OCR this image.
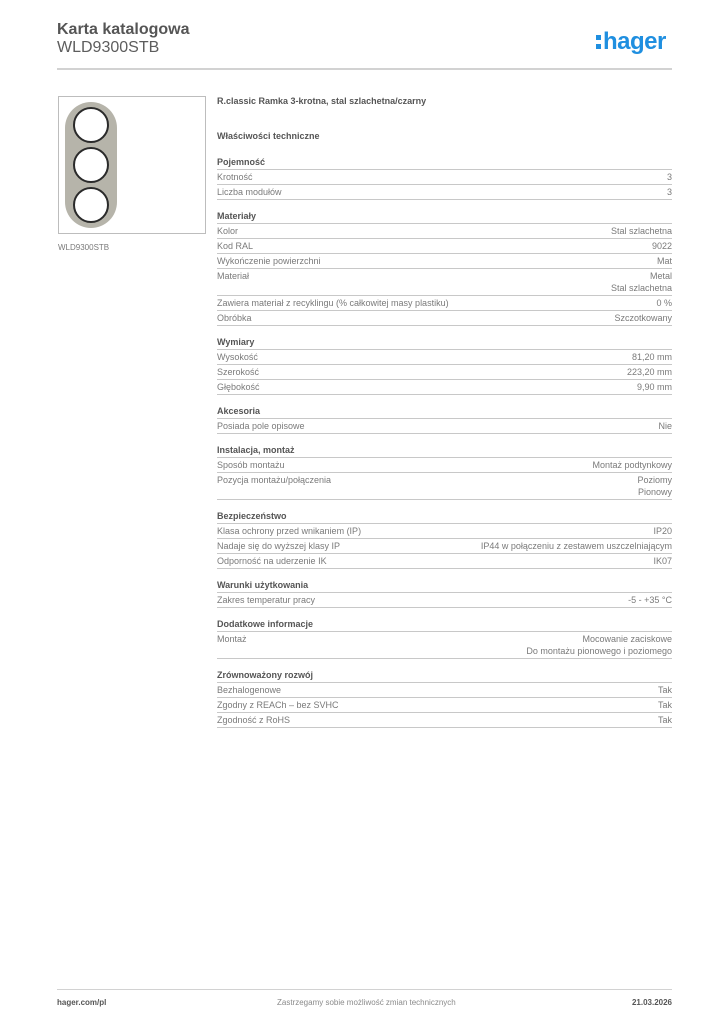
Karta katalogowa
WLD9300STB	hager
WLD9300STB
R.classic Ramka 3-krotna, stal szlachetna/czarny
Właściwości techniczne
Pojemność
Krotność	3
Liczba modułów	3
Materiały
Kolor	Stal szlachetna
Kod RAL	9022
Wykończenie powierzchni	Mat
Materiał	Metal
Stal szlachetna
Zawiera materiał z recyklingu (% całkowitej masy plastiku)	0 %
Obróbka	Szczotkowany
Wymiary
Wysokość	81,20 mm
Szerokość	223,20 mm
Głębokość	9,90 mm
Akcesoria
Posiada pole opisowe	Nie
Instalacja, montaż
Sposób montażu	Montaż podtynkowy
Pozycja montażu/połączenia	Poziomy
Pionowy
Bezpieczeństwo
Klasa ochrony przed wnikaniem (IP)	IP20
Nadaje się do wyższej klasy IP	IP44 w połączeniu z zestawem uszczelniającym
Odporność na uderzenie IK	IK07
Warunki użytkowania
Zakres temperatur pracy	-5 - +35 °C
Dodatkowe informacje
Montaż	Mocowanie zaciskowe
Do montażu pionowego i poziomego
Zrównoważony rozwój
Bezhalogenowe	Tak
Zgodny z REACh – bez SVHC	Tak
Zgodność z RoHS	Tak
hager.com/pl	Zastrzegamy sobie możliwość zmian technicznych	21.03.2026
